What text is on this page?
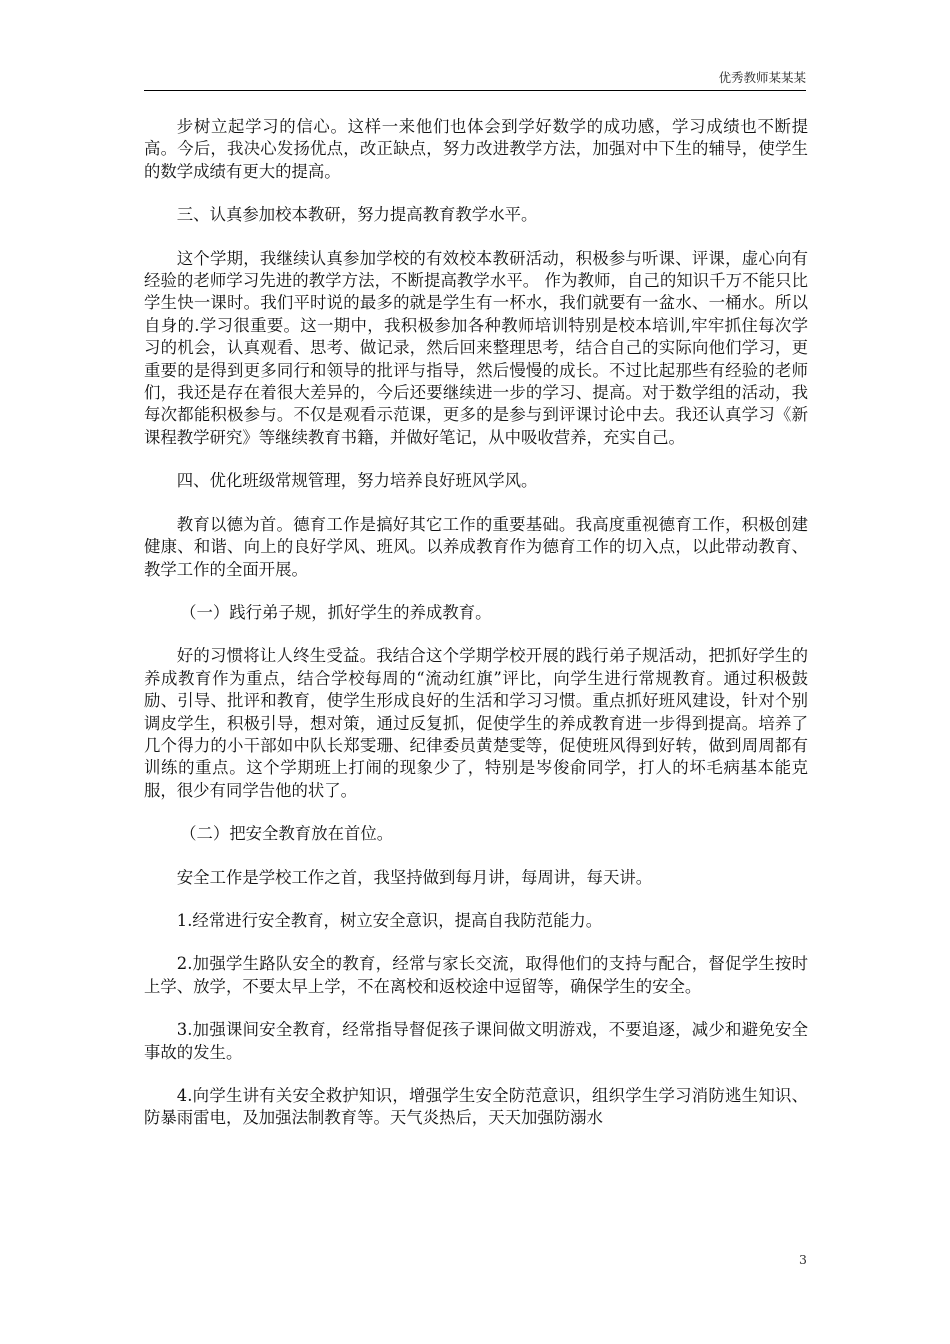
优秀教师某某某

步树立起学习的信心。这样一来他们也体会到学好数学的成功感，学习成绩也不断提高。今后，我决心发扬优点，改正缺点，努力改进教学方法，加强对中下生的辅导，使学生的数学成绩有更大的提高。

三、认真参加校本教研，努力提高教育教学水平。

这个学期，我继续认真参加学校的有效校本教研活动，积极参与听课、评课，虚心向有经验的老师学习先进的教学方法，不断提高教学水平。 作为教师，自己的知识千万不能只比学生快一课时。我们平时说的最多的就是学生有一杯水，我们就要有一盆水、一桶水。所以自身的.学习很重要。这一期中，我积极参加各种教师培训特别是校本培训,牢牢抓住每次学习的机会，认真观看、思考、做记录，然后回来整理思考，结合自己的实际向他们学习，更重要的是得到更多同行和领导的批评与指导，然后慢慢的成长。不过比起那些有经验的老师们，我还是存在着很大差异的，今后还要继续进一步的学习、提高。对于数学组的活动，我每次都能积极参与。不仅是观看示范课，更多的是参与到评课讨论中去。我还认真学习《新课程教学研究》等继续教育书籍，并做好笔记，从中吸收营养，充实自己。

四、优化班级常规管理，努力培养良好班风学风。

教育以德为首。德育工作是搞好其它工作的重要基础。我高度重视德育工作，积极创建健康、和谐、向上的良好学风、班风。以养成教育作为德育工作的切入点，以此带动教育、教学工作的全面开展。

（一）践行弟子规，抓好学生的养成教育。

好的习惯将让人终生受益。我结合这个学期学校开展的践行弟子规活动，把抓好学生的养成教育作为重点，结合学校每周的“流动红旗”评比，向学生进行常规教育。通过积极鼓励、引导、批评和教育，使学生形成良好的生活和学习习惯。重点抓好班风建设，针对个别调皮学生，积极引导，想对策，通过反复抓，促使学生的养成教育进一步得到提高。培养了几个得力的小干部如中队长郑雯珊、纪律委员黄楚雯等，促使班风得到好转，做到周周都有训练的重点。这个学期班上打闹的现象少了，特别是岑俊俞同学，打人的坏毛病基本能克服，很少有同学告他的状了。

（二）把安全教育放在首位。

安全工作是学校工作之首，我坚持做到每月讲，每周讲，每天讲。

1.经常进行安全教育，树立安全意识，提高自我防范能力。

2.加强学生路队安全的教育，经常与家长交流，取得他们的支持与配合，督促学生按时上学、放学，不要太早上学，不在离校和返校途中逗留等，确保学生的安全。

3.加强课间安全教育，经常指导督促孩子课间做文明游戏，不要追逐，减少和避免安全事故的发生。

4.向学生讲有关安全救护知识，增强学生安全防范意识，组织学生学习消防逃生知识、防暴雨雷电，及加强法制教育等。天气炎热后，天天加强防溺水

3
